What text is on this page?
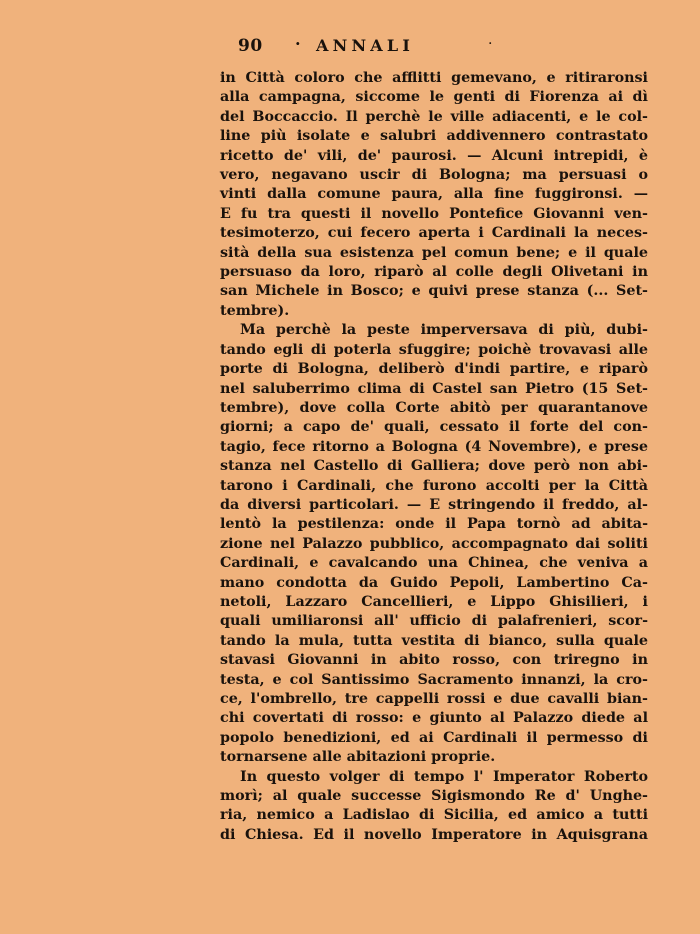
90 · ANNALI	.
in Città coloro che afflitti gemevano, e ritiraronsi
alla campagna, siccome le genti di Fiorenza ai dì
del Boccaccio. Il perchè le ville adiacenti, e le col-
line più isolate e salubri addivennero contrastato
ricetto de' vili, de' paurosi. — Alcuni intrepidi, è
vero, negavano uscir di Bologna; ma persuasi o
vinti dalla comune paura, alla fine fuggironsi. —
E fu tra questi il novello Pontefice Giovanni ven-
tesimoterzo, cui fecero aperta i Cardinali la neces-
sità della sua esistenza pel comun bene; e il quale
persuaso da loro, riparò al colle degli Olivetani in
san Michele in Bosco; e quivi prese stanza (... Set-
tembre).
Ma perchè la peste imperversava di più, dubi-
tando egli di poterla sfuggire; poichè trovavasi alle
porte di Bologna, deliberò d'indi partire, e riparò
nel saluberrimo clima di Castel san Pietro (15 Set-
tembre), dove colla Corte abitò per quarantanove
giorni; a capo de' quali, cessato il forte del con-
tagio, fece ritorno a Bologna (4 Novembre), e prese
stanza nel Castello di Galliera; dove però non abi-
tarono i Cardinali, che furono accolti per la Città
da diversi particolari. — E stringendo il freddo, al-
lentò la pestilenza: onde il Papa tornò ad abita-
zione nel Palazzo pubblico, accompagnato dai soliti
Cardinali, e cavalcando una Chinea, che veniva a
mano condotta da Guido Pepoli, Lambertino Ca-
netoli, Lazzaro Cancellieri, e Lippo Ghisilieri, i
quali umiliaronsi all' ufficio di palafrenieri, scor-
tando la mula, tutta vestita di bianco, sulla quale
stavasi Giovanni in abito rosso, con triregno in
testa, e col Santissimo Sacramento innanzi, la cro-
ce, l'ombrello, tre cappelli rossi e due cavalli bian-
chi covertati di rosso: e giunto al Palazzo diede al
popolo benedizioni, ed ai Cardinali il permesso di
tornarsene alle abitazioni proprie.
In questo volger di tempo l' Imperator Roberto
morì; al quale successe Sigismondo Re d' Unghe-
ria, nemico a Ladislao di Sicilia, ed amico a tutti
di Chiesa. Ed il novello Imperatore in Aquisgrana
